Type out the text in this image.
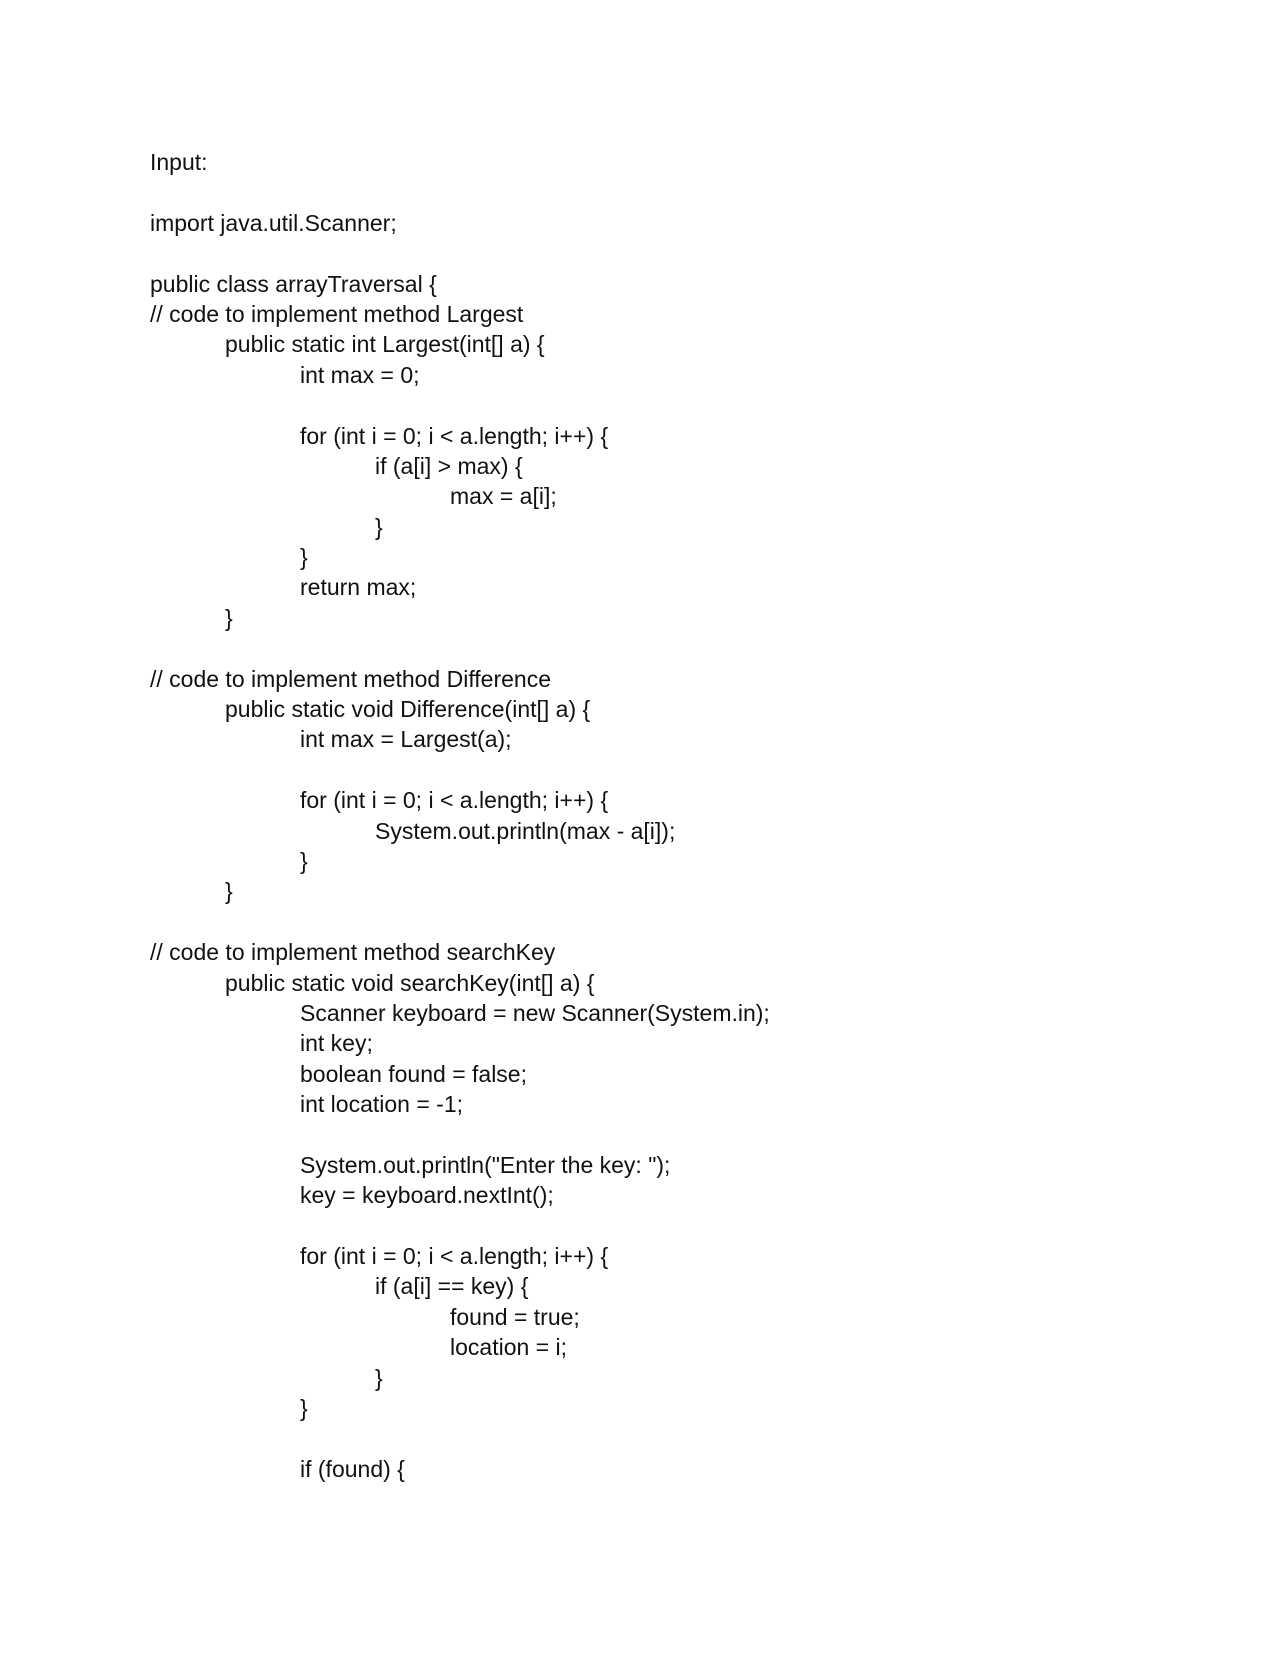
Input:
import java.util.Scanner;
public class arrayTraversal {
// code to implement method Largest
public static int Largest(int[] a) {
int max = 0;
for (int i = 0; i < a.length; i++) {
if (a[i] > max) {
max = a[i];
}
}
return max;
}
// code to implement method Difference
public static void Difference(int[] a) {
int max = Largest(a);
for (int i = 0; i < a.length; i++) {
System.out.println(max - a[i]);
}
}
// code to implement method searchKey
public static void searchKey(int[] a) {
Scanner keyboard = new Scanner(System.in);
int key;
boolean found = false;
int location = -1;
System.out.println("Enter the key: ");
key = keyboard.nextInt();
for (int i = 0; i < a.length; i++) {
if (a[i] == key) {
found = true;
location = i;
}
}
if (found) {
